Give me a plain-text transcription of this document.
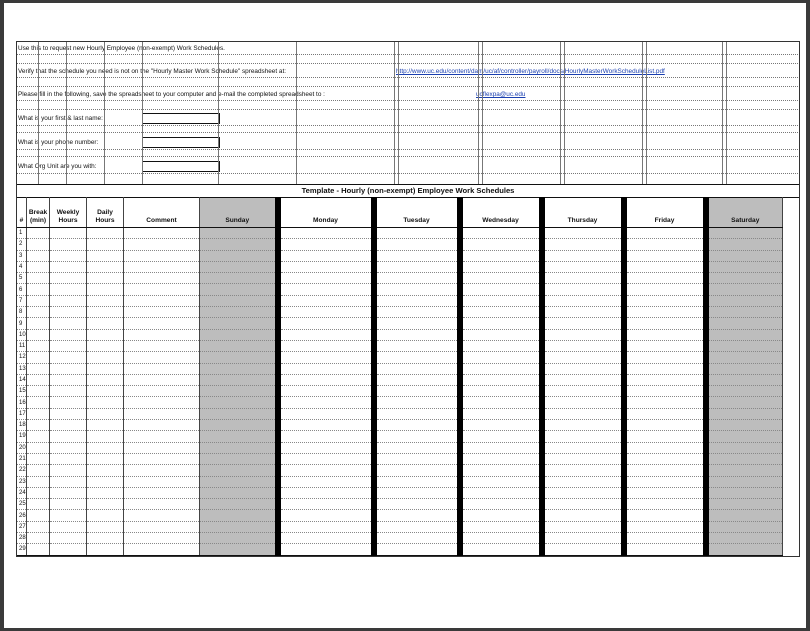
Use this to request new Hourly Employee (non-exempt) Work Schedules.
Verify that the schedule you need is not on the "Hourly Master Work Schedule" spreadsheet at:	http://www.uc.edu/content/dam/uc/af/controller/payroll/docs/HourlyMasterWorkScheduleList.pdf
Please fill in the following, save the spreadsheet to your computer and e-mail the completed spreadsheet to :	ucflexpa@uc.edu
What is your first & last name:
What is your phone number:
What Org Unit are you with:
Template - Hourly (non-exempt) Employee Work Schedules
#	Break (min)	Weekly Hours	Daily Hours	Comment	Sunday	Monday	Tuesday	Wednesday	Thursday	Friday	Saturday
1											
2											
3											
4											
5											
6											
7											
8											
9											
10											
11											
12											
13											
14											
15											
16											
17											
18											
19											
20											
21											
22											
23											
24											
25											
26											
27											
28											
29											
